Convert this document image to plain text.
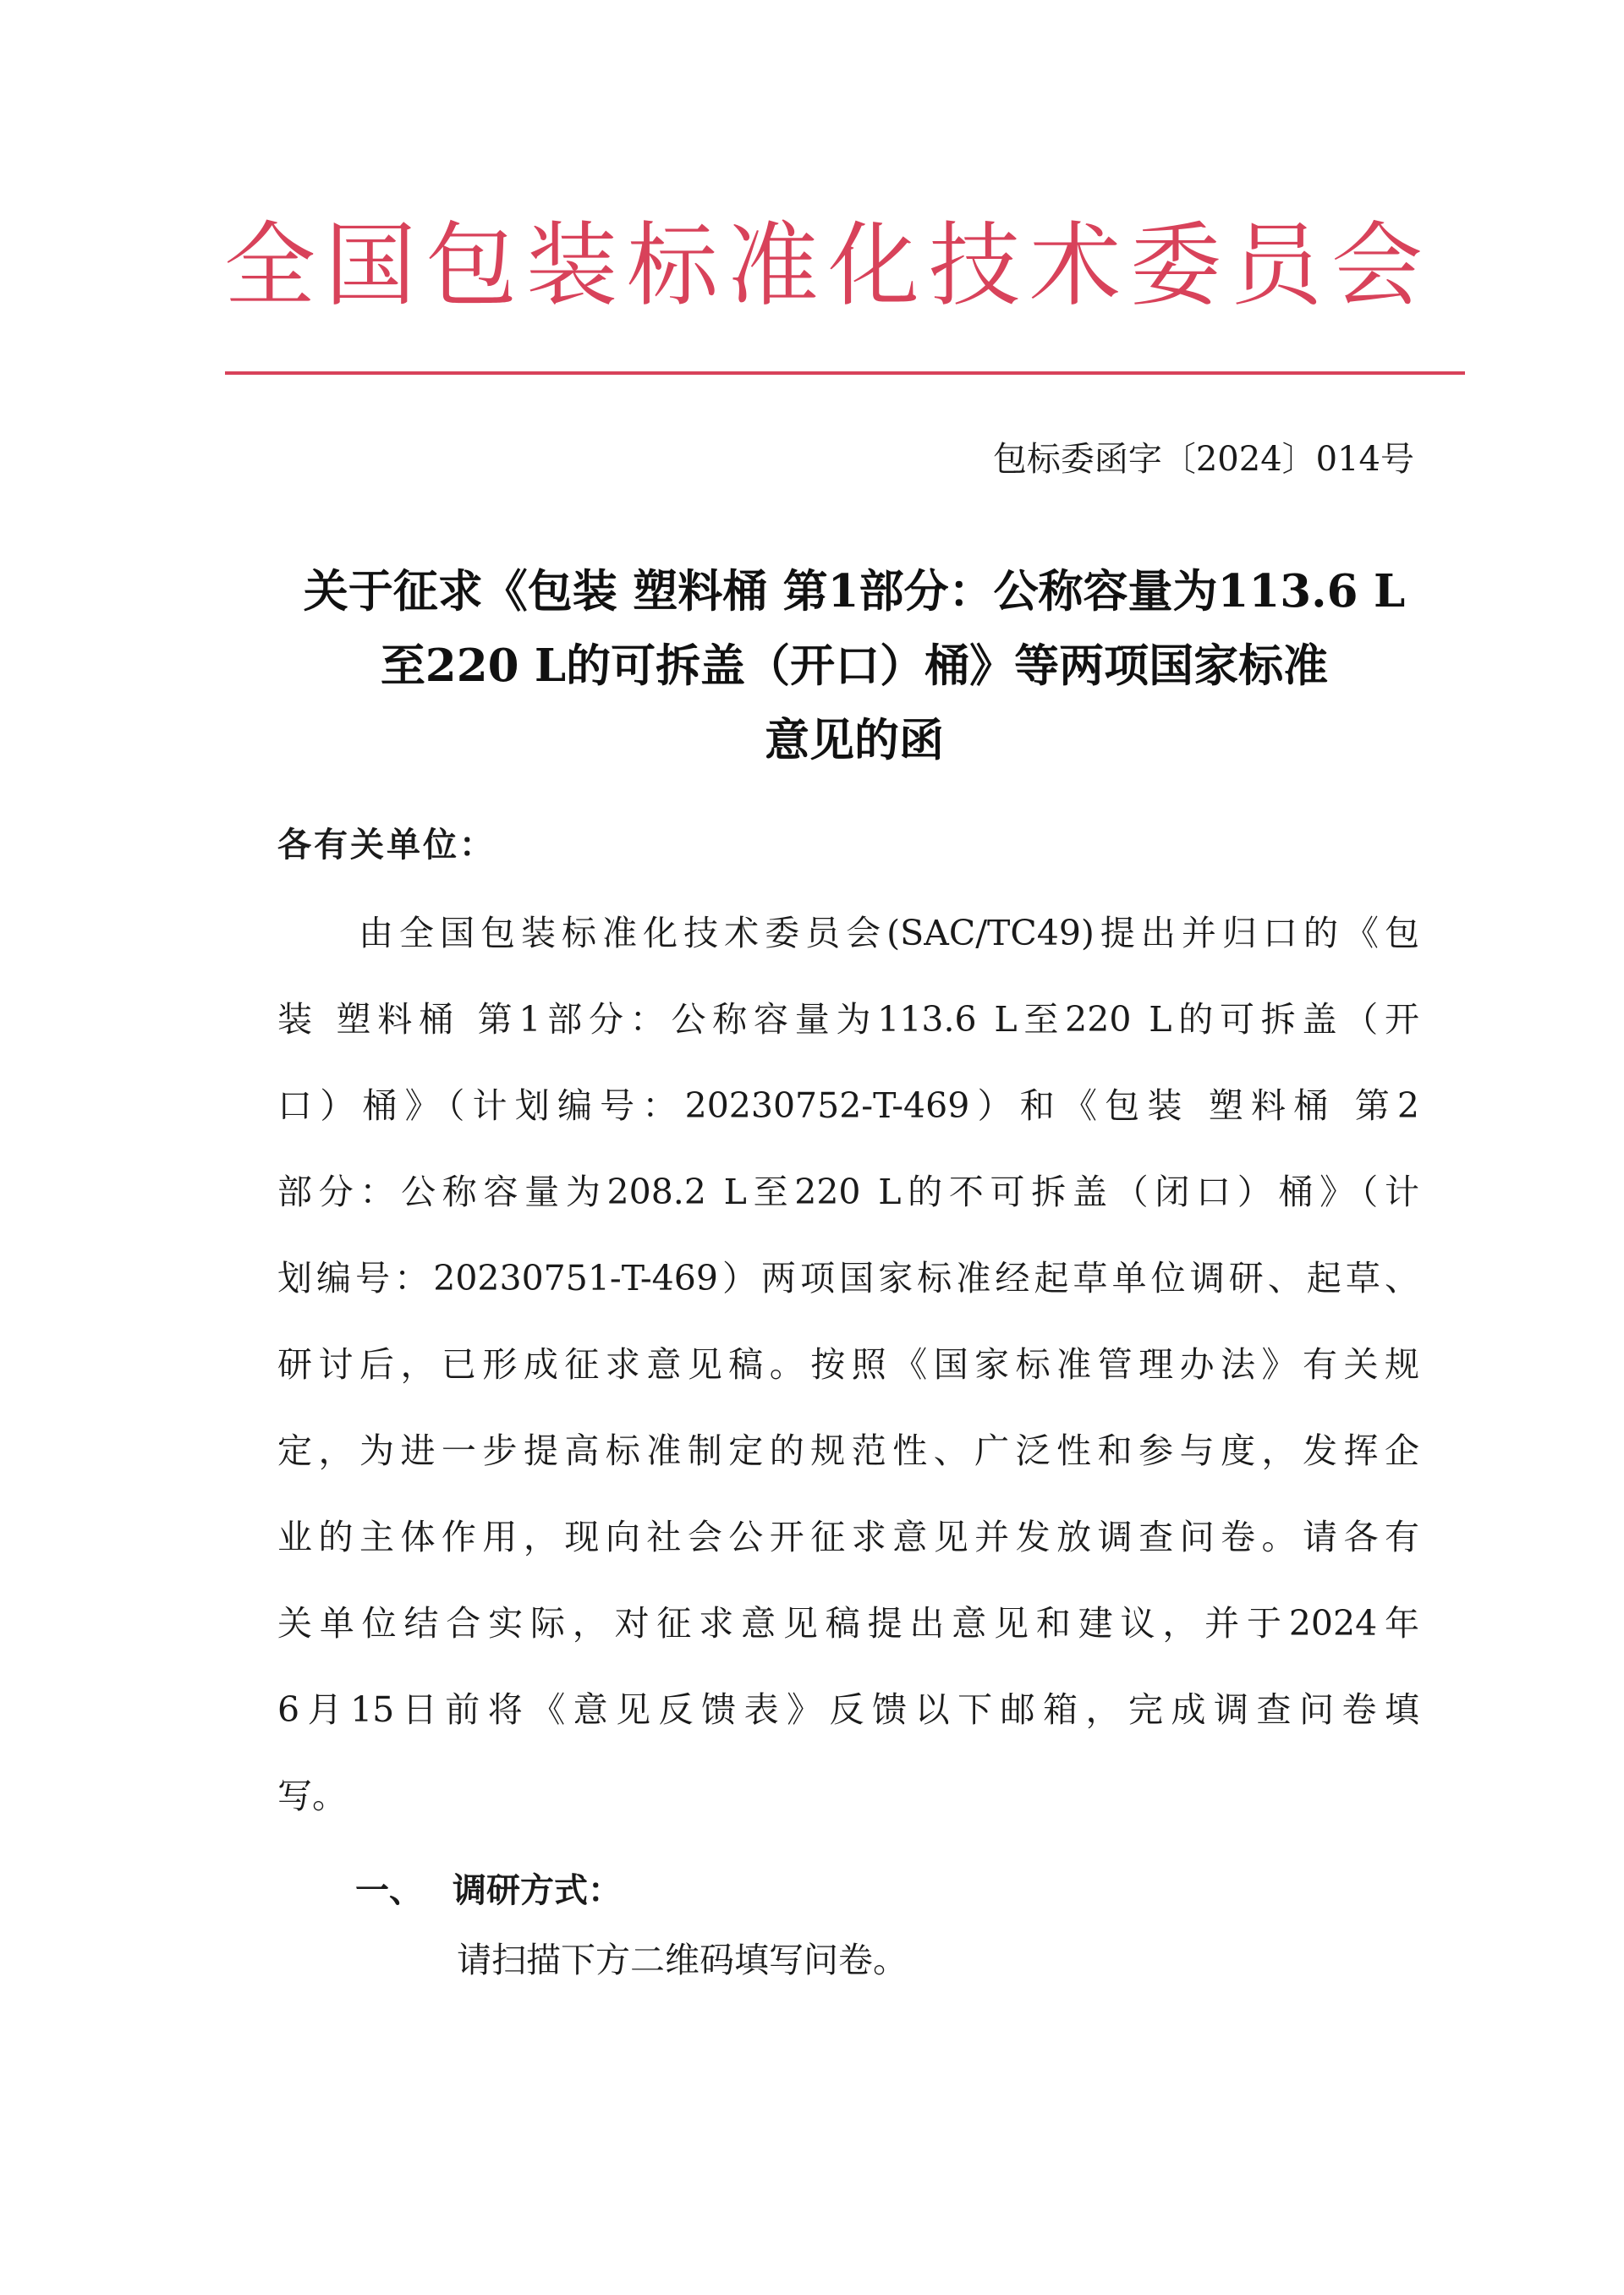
全国包装标准化技术委员会
包标委函字〔2024〕014号
关于征求《包装 塑料桶 第1部分：公称容量为113.6 L
至220 L的可拆盖（开口）桶》等两项国家标准
意见的函
各有关单位：
由全国包装标准化技术委员会(SAC/TC49)提出并归口的《包
装 塑料桶 第1部分：公称容量为113.6 L至220 L的可拆盖（开
口）桶》（计划编号：20230752-T-469）和《包装 塑料桶 第2
部分：公称容量为208.2 L至220 L的不可拆盖（闭口）桶》（计
划编号：20230751-T-469）两项国家标准经起草单位调研、起草、
研讨后，已形成征求意见稿。按照《国家标准管理办法》有关规
定，为进一步提高标准制定的规范性、广泛性和参与度，发挥企
业的主体作用，现向社会公开征求意见并发放调查问卷。请各有
关单位结合实际，对征求意见稿提出意见和建议，并于2024年
6月15日前将《意见反馈表》反馈以下邮箱，完成调查问卷填
写。
一、 调研方式：
请扫描下方二维码填写问卷。
